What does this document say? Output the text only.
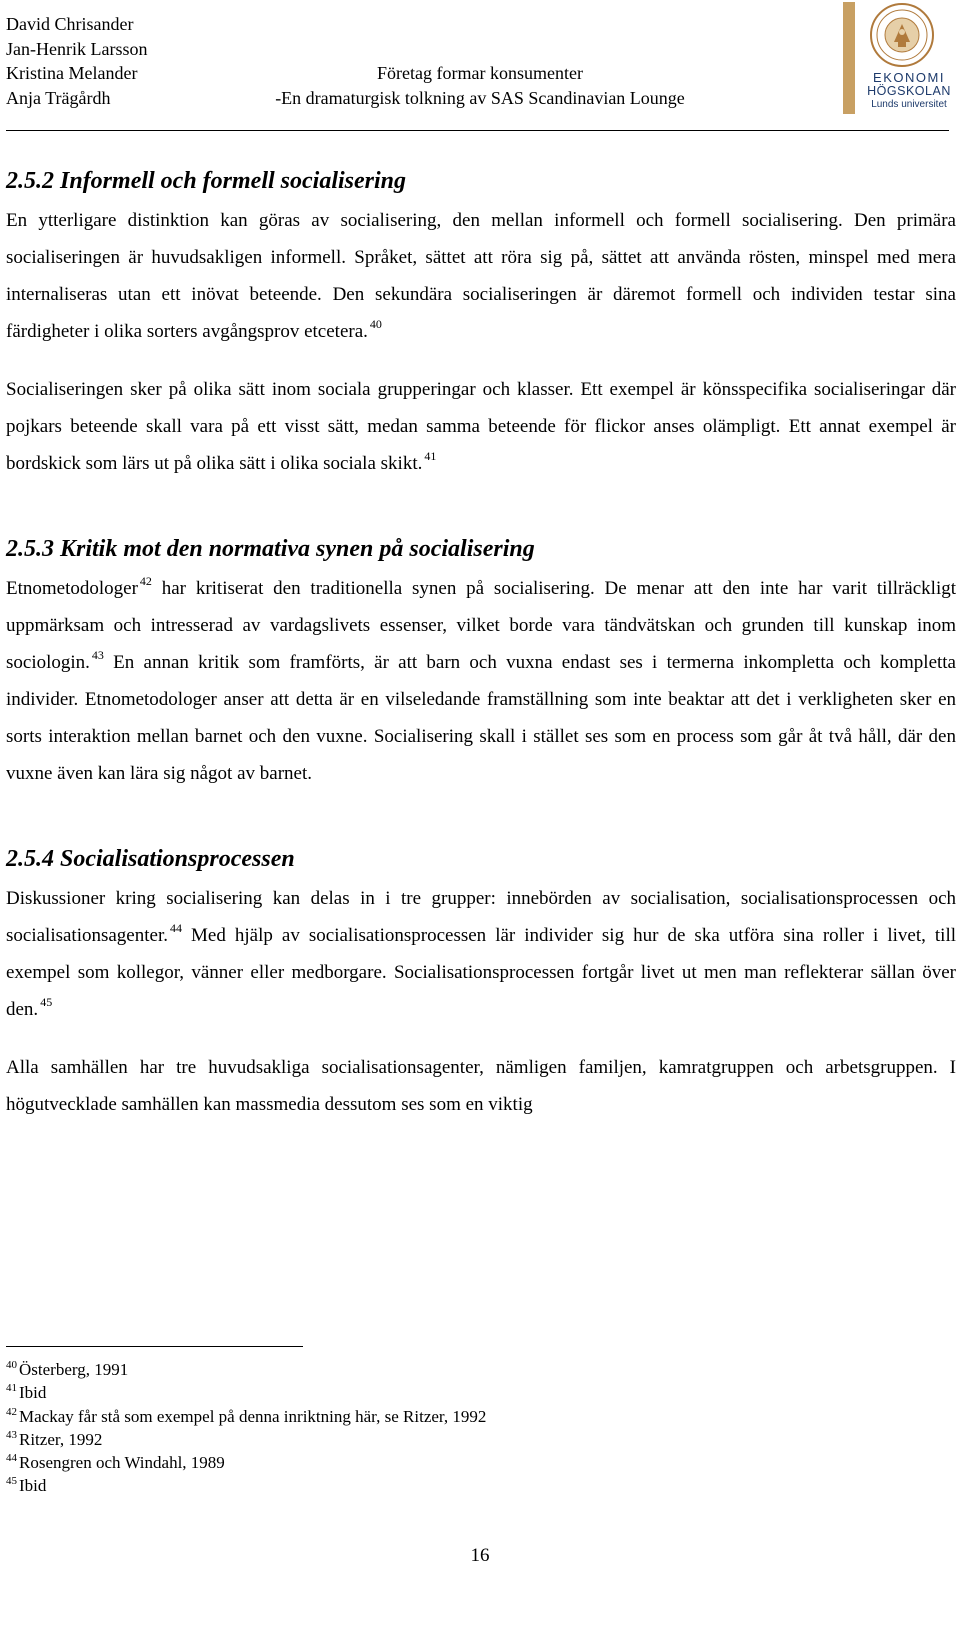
David Chrisander
Jan-Henrik Larsson
Kristina Melander
Anja Trägårdh
Företag formar konsumenter
-En dramaturgisk tolkning av SAS Scandinavian Lounge
EKONOMI
HÖGSKOLAN
Lunds universitet
2.5.2 Informell och formell socialisering

En ytterligare distinktion kan göras av socialisering, den mellan informell och formell socialisering. Den primära socialiseringen är huvudsakligen informell. Språket, sättet att röra sig på, sättet att använda rösten, minspel med mera internaliseras utan ett inövat beteende. Den sekundära socialiseringen är däremot formell och individen testar sina färdigheter i olika sorters avgångsprov etcetera. $^{40}$

Socialiseringen sker på olika sätt inom sociala grupperingar och klasser. Ett exempel är könsspecifika socialiseringar där pojkars beteende skall vara på ett visst sätt, medan samma beteende för flickor anses olämpligt. Ett annat exempel är bordskick som lärs ut på olika sätt i olika sociala skikt. $^{41}$

2.5.3 Kritik mot den normativa synen på socialisering

Etnometodologer $^{42}$ har kritiserat den traditionella synen på socialisering. De menar att den inte har varit tillräckligt uppmärksam och intresserad av vardagslivets essenser, vilket borde vara tändvätskan och grunden till kunskap inom sociologin. $^{43}$ En annan kritik som framförts, är att barn och vuxna endast ses i termerna inkompletta och kompletta individer. Etnometodologer anser att detta är en vilseledande framställning som inte beaktar att det i verkligheten sker en sorts interaktion mellan barnet och den vuxne. Socialisering skall i stället ses som en process som går åt två håll, där den vuxne även kan lära sig något av barnet.

2.5.4 Socialisationsprocessen

Diskussioner kring socialisering kan delas in i tre grupper: innebörden av socialisation, socialisationsprocessen och socialisationsagenter. $^{44}$ Med hjälp av socialisationsprocessen lär individer sig hur de ska utföra sina roller i livet, till exempel som kollegor, vänner eller medborgare. Socialisationsprocessen fortgår livet ut men man reflekterar sällan över den. $^{45}$

Alla samhällen har tre huvudsakliga socialisationsagenter, nämligen familjen, kamratgruppen och arbetsgruppen. I högutvecklade samhällen kan massmedia dessutom ses som en viktig

$^{40}$ Österberg, 1991
$^{41}$ Ibid
$^{42}$ Mackay får stå som exempel på denna inriktning här, se Ritzer, 1992
$^{43}$ Ritzer, 1992
$^{44}$ Rosengren och Windahl, 1989
$^{45}$ Ibid
16
